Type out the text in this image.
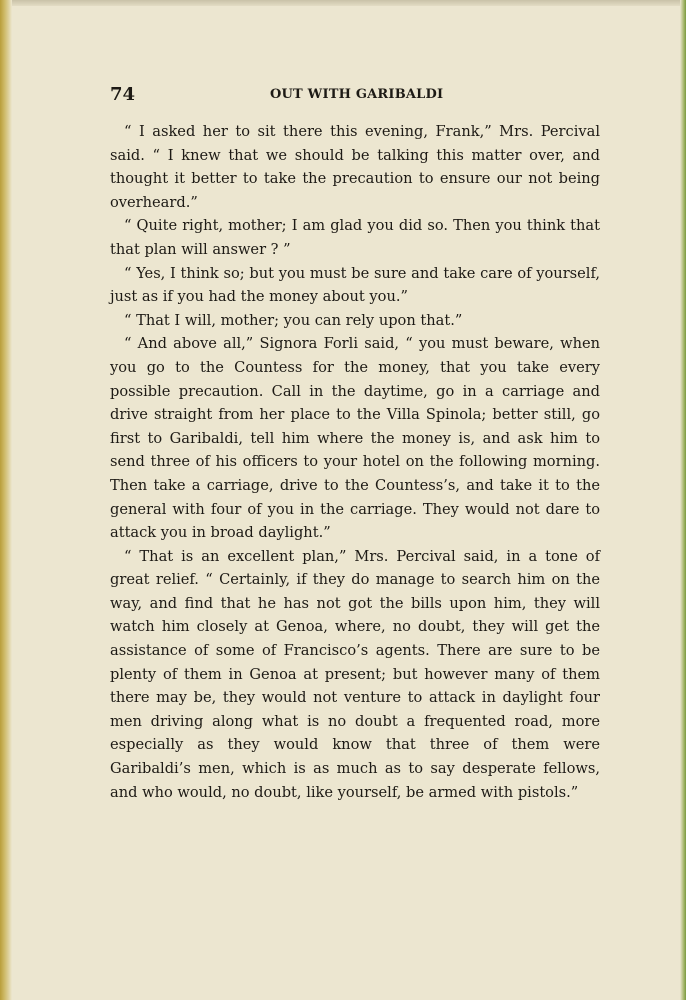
74	OUT WITH GARIBALDI

“ I asked her to sit there this evening, Frank,” Mrs. Percival said. “ I knew that we should be talking this matter over, and thought it better to take the precaution to ensure our not being overheard.”

“ Quite right, mother; I am glad you did so. Then you think that that plan will answer ? ”

“ Yes, I think so; but you must be sure and take care of yourself, just as if you had the money about you.”

“ That I will, mother; you can rely upon that.”

“ And above all,” Signora Forli said, “ you must beware, when you go to the Countess for the money, that you take every possible precaution. Call in the daytime, go in a carriage and drive straight from her place to the Villa Spinola; better still, go first to Garibaldi, tell him where the money is, and ask him to send three of his officers to your hotel on the following morning. Then take a carriage, drive to the Countess’s, and take it to the general with four of you in the carriage. They would not dare to attack you in broad daylight.”

“ That is an excellent plan,” Mrs. Percival said, in a tone of great relief. “ Certainly, if they do manage to search him on the way, and find that he has not got the bills upon him, they will watch him closely at Genoa, where, no doubt, they will get the assistance of some of Francisco’s agents. There are sure to be plenty of them in Genoa at present; but however many of them there may be, they would not venture to attack in daylight four men driving along what is no doubt a frequented road, more especially as they would know that three of them were Garibaldi’s men, which is as much as to say desperate fellows, and who would, no doubt, like yourself, be armed with pistols.”
